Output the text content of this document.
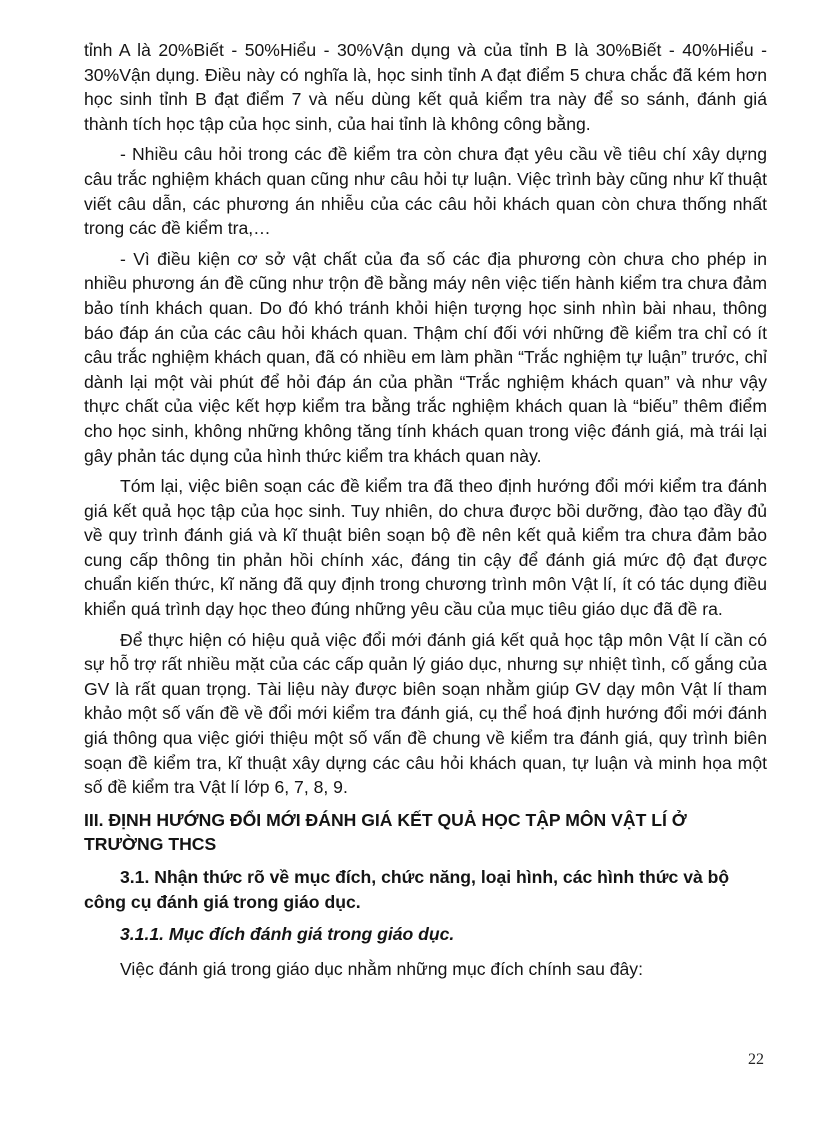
tỉnh A là 20%Biết - 50%Hiểu - 30%Vận dụng và của tỉnh B là 30%Biết - 40%Hiểu - 30%Vận dụng. Điều này có nghĩa là, học sinh tỉnh A đạt điểm 5 chưa chắc đã kém hơn học sinh tỉnh B đạt điểm 7 và nếu dùng kết quả kiểm tra này để so sánh, đánh giá thành tích học tập của học sinh, của hai tỉnh là không công bằng.

- Nhiều câu hỏi trong các đề kiểm tra còn chưa đạt yêu cầu về tiêu chí xây dựng câu trắc nghiệm khách quan cũng như câu hỏi tự luận. Việc trình bày cũng như kĩ thuật viết câu dẫn, các phương án nhiễu của các câu hỏi khách quan còn chưa thống nhất trong các đề kiểm tra,…

- Vì điều kiện cơ sở vật chất của đa số các địa phương còn chưa cho phép in nhiều phương án đề cũng như trộn đề bằng máy nên việc tiến hành kiểm tra chưa đảm bảo tính khách quan. Do đó khó tránh khỏi hiện tượng học sinh nhìn bài nhau, thông báo đáp án của các câu hỏi khách quan. Thậm chí đối với những đề kiểm tra chỉ có ít câu trắc nghiệm khách quan, đã có nhiều em làm phần “Trắc nghiệm tự luận” trước, chỉ dành lại một vài phút để hỏi đáp án của phần “Trắc nghiệm khách quan” và như vậy thực chất của việc kết hợp kiểm tra bằng trắc nghiệm khách quan là “biếu” thêm điểm cho học sinh, không những không tăng tính khách quan trong việc đánh giá, mà trái lại gây phản tác dụng của hình thức kiểm tra khách quan này.

Tóm lại, việc biên soạn các đề kiểm tra đã theo định hướng đổi mới kiểm tra đánh giá kết quả học tập của học sinh. Tuy nhiên, do chưa được bồi dưỡng, đào tạo đầy đủ về quy trình đánh giá và kĩ thuật biên soạn bộ đề nên kết quả kiểm tra chưa đảm bảo cung cấp thông tin phản hồi chính xác, đáng tin cậy để đánh giá mức độ đạt được chuẩn kiến thức, kĩ năng đã quy định trong chương trình môn Vật lí, ít có tác dụng điều khiển quá trình dạy học theo đúng những yêu cầu của mục tiêu giáo dục đã đề ra.

Để thực hiện có hiệu quả việc đổi mới đánh giá kết quả học tập môn Vật lí cần có sự hỗ trợ rất nhiều mặt của các cấp quản lý giáo dục, nhưng sự nhiệt tình, cố gắng của GV là rất quan trọng. Tài liệu này được biên soạn nhằm giúp GV dạy môn Vật lí tham khảo một số vấn đề về đổi mới kiểm tra đánh giá, cụ thể hoá định hướng đổi mới đánh giá thông qua việc giới thiệu một số vấn đề chung về kiểm tra đánh giá, quy trình biên soạn đề kiểm tra, kĩ thuật xây dựng các câu hỏi khách quan, tự luận và minh họa một số đề kiểm tra Vật lí lớp 6, 7, 8, 9.

III. ĐỊNH HƯỚNG ĐỔI MỚI ĐÁNH GIÁ KẾT QUẢ HỌC TẬP MÔN VẬT LÍ Ở TRƯỜNG THCS

3.1. Nhận thức rõ về mục đích, chức năng, loại hình, các hình thức và bộ công cụ đánh giá trong giáo dục.

3.1.1. Mục đích đánh giá trong giáo dục.

Việc đánh giá trong giáo dục nhằm những mục đích chính sau đây:

22
